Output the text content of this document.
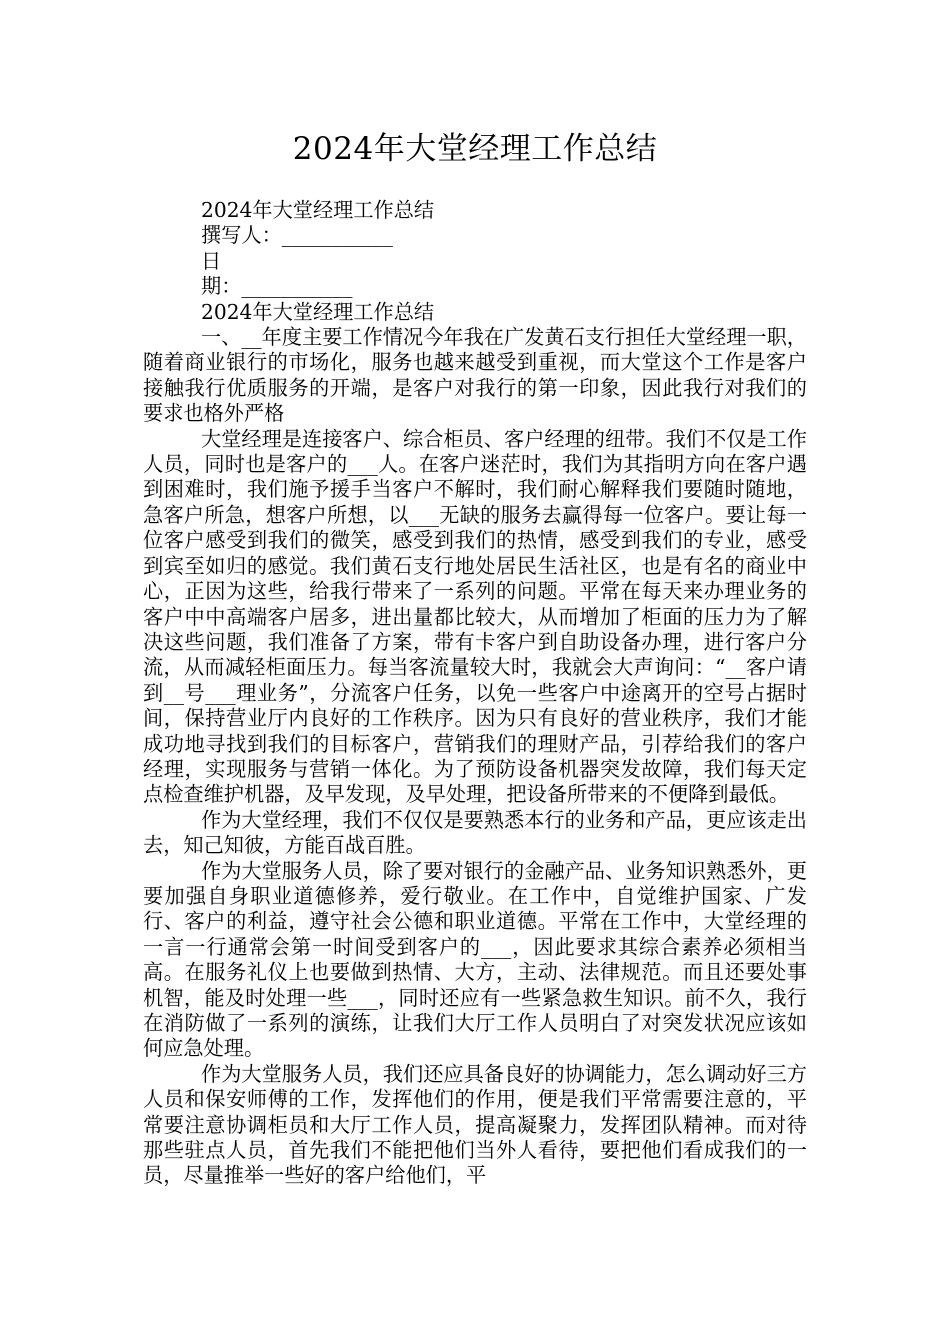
2024年大堂经理工作总结

2024年大堂经理工作总结

撰写人：___________

日

期：___________

2024年大堂经理工作总结

一、__年度主要工作情况今年我在广发黄石支行担任大堂经理一职，随着商业银行的市场化，服务也越来越受到重视，而大堂这个工作是客户接触我行优质服务的开端，是客户对我行的第一印象，因此我行对我们的要求也格外严格

大堂经理是连接客户、综合柜员、客户经理的纽带。我们不仅是工作人员，同时也是客户的___人。在客户迷茫时，我们为其指明方向在客户遇到困难时，我们施予援手当客户不解时，我们耐心解释我们要随时随地，急客户所急，想客户所想，以___无缺的服务去赢得每一位客户。要让每一位客户感受到我们的微笑，感受到我们的热情，感受到我们的专业，感受到宾至如归的感觉。我们黄石支行地处居民生活社区，也是有名的商业中心，正因为这些，给我行带来了一系列的问题。平常在每天来办理业务的客户中中高端客户居多，进出量都比较大，从而增加了柜面的压力为了解决这些问题，我们准备了方案，带有卡客户到自助设备办理，进行客户分流，从而减轻柜面压力。每当客流量较大时，我就会大声询问：“__客户请到__号___理业务”，分流客户任务，以免一些客户中途离开的空号占据时间，保持营业厅内良好的工作秩序。因为只有良好的营业秩序，我们才能成功地寻找到我们的目标客户，营销我们的理财产品，引荐给我们的客户经理，实现服务与营销一体化。为了预防设备机器突发故障，我们每天定点检查维护机器，及早发现，及早处理，把设备所带来的不便降到最低。

作为大堂经理，我们不仅仅是要熟悉本行的业务和产品，更应该走出去，知己知彼，方能百战百胜。

作为大堂服务人员，除了要对银行的金融产品、业务知识熟悉外，更要加强自身职业道德修养，爱行敬业。在工作中，自觉维护国家、广发行、客户的利益，遵守社会公德和职业道德。平常在工作中，大堂经理的一言一行通常会第一时间受到客户的___，因此要求其综合素养必须相当高。在服务礼仪上也要做到热情、大方，主动、法律规范。而且还要处事机智，能及时处理一些___，同时还应有一些紧急救生知识。前不久，我行在消防做了一系列的演练，让我们大厅工作人员明白了对突发状况应该如何应急处理。

作为大堂服务人员，我们还应具备良好的协调能力，怎么调动好三方人员和保安师傅的工作，发挥他们的作用，便是我们平常需要注意的，平常要注意协调柜员和大厅工作人员，提高凝聚力，发挥团队精神。而对待那些驻点人员，首先我们不能把他们当外人看待，要把他们看成我们的一员，尽量推举一些好的客户给他们，平
